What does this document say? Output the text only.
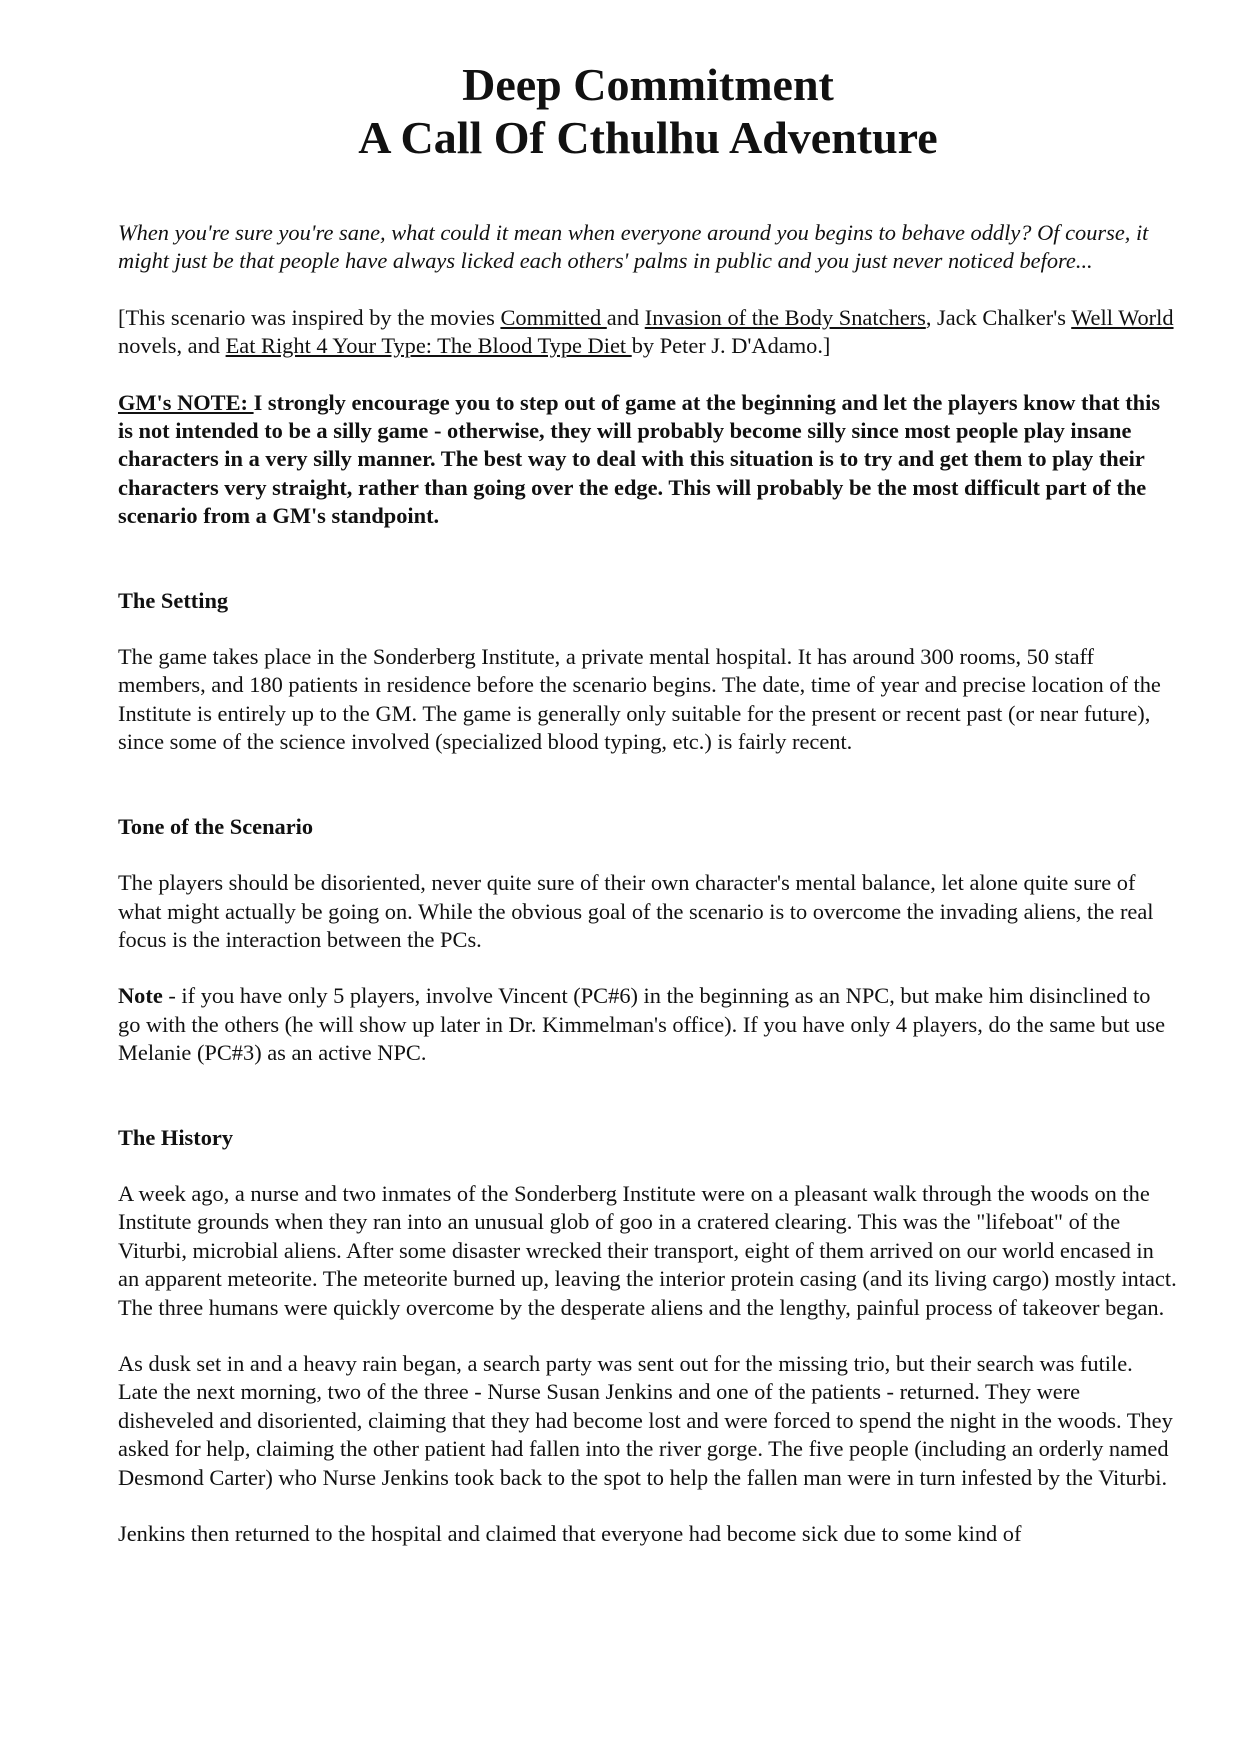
Deep Commitment
A Call Of Cthulhu Adventure

When you're sure you're sane, what could it mean when everyone around you begins to behave oddly? Of course, it might just be that people have always licked each others' palms in public and you just never noticed before...

[This scenario was inspired by the movies Committed and Invasion of the Body Snatchers, Jack Chalker's Well World novels, and Eat Right 4 Your Type: The Blood Type Diet by Peter J. D'Adamo.]

GM's NOTE: I strongly encourage you to step out of game at the beginning and let the players know that this is not intended to be a silly game - otherwise, they will probably become silly since most people play insane characters in a very silly manner. The best way to deal with this situation is to try and get them to play their characters very straight, rather than going over the edge. This will probably be the most difficult part of the scenario from a GM's standpoint.

The Setting

The game takes place in the Sonderberg Institute, a private mental hospital. It has around 300 rooms, 50 staff members, and 180 patients in residence before the scenario begins. The date, time of year and precise location of the Institute is entirely up to the GM. The game is generally only suitable for the present or recent past (or near future), since some of the science involved (specialized blood typing, etc.) is fairly recent.

Tone of the Scenario

The players should be disoriented, never quite sure of their own character's mental balance, let alone quite sure of what might actually be going on. While the obvious goal of the scenario is to overcome the invading aliens, the real focus is the interaction between the PCs.

Note - if you have only 5 players, involve Vincent (PC#6) in the beginning as an NPC, but make him disinclined to go with the others (he will show up later in Dr. Kimmelman's office). If you have only 4 players, do the same but use Melanie (PC#3) as an active NPC.

The History

A week ago, a nurse and two inmates of the Sonderberg Institute were on a pleasant walk through the woods on the Institute grounds when they ran into an unusual glob of goo in a cratered clearing. This was the "lifeboat" of the Viturbi, microbial aliens. After some disaster wrecked their transport, eight of them arrived on our world encased in an apparent meteorite. The meteorite burned up, leaving the interior protein casing (and its living cargo) mostly intact. The three humans were quickly overcome by the desperate aliens and the lengthy, painful process of takeover began.

As dusk set in and a heavy rain began, a search party was sent out for the missing trio, but their search was futile. Late the next morning, two of the three - Nurse Susan Jenkins and one of the patients - returned. They were disheveled and disoriented, claiming that they had become lost and were forced to spend the night in the woods. They asked for help, claiming the other patient had fallen into the river gorge. The five people (including an orderly named Desmond Carter) who Nurse Jenkins took back to the spot to help the fallen man were in turn infested by the Viturbi.

Jenkins then returned to the hospital and claimed that everyone had become sick due to some kind of
